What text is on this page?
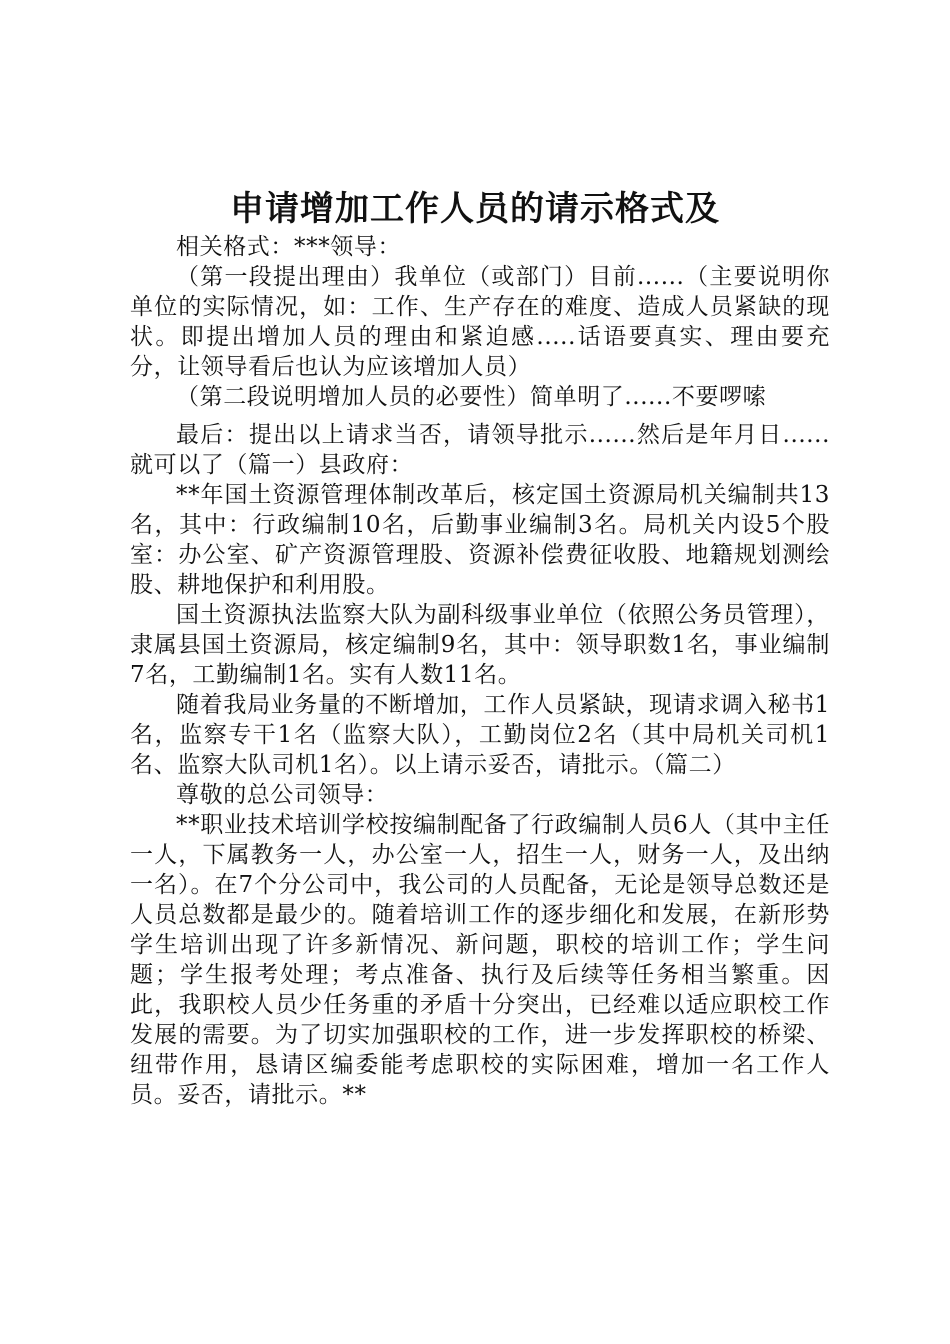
申请增加工作人员的请示格式及

相关格式：***领导：

（第一段提出理由）我单位（或部门）目前......（主要说明你单位的实际情况，如：工作、生产存在的难度、造成人员紧缺的现状。即提出增加人员的理由和紧迫感.....话语要真实、理由要充分，让领导看后也认为应该增加人员）

（第二段说明增加人员的必要性）简单明了......不要啰嗦

最后：提出以上请求当否，请领导批示......然后是年月日......就可以了（篇一）县政府：

**年国土资源管理体制改革后，核定国土资源局机关编制共13名，其中：行政编制10名，后勤事业编制3名。局机关内设5个股室：办公室、矿产资源管理股、资源补偿费征收股、地籍规划测绘股、耕地保护和利用股。

国土资源执法监察大队为副科级事业单位（依照公务员管理），隶属县国土资源局，核定编制9名，其中：领导职数1名，事业编制7名，工勤编制1名。实有人数11名。

随着我局业务量的不断增加，工作人员紧缺，现请求调入秘书1名，监察专干1名（监察大队），工勤岗位2名（其中局机关司机1名、监察大队司机1名）。以上请示妥否，请批示。（篇二）

尊敬的总公司领导：

**职业技术培训学校按编制配备了行政编制人员6人（其中主任一人，下属教务一人，办公室一人，招生一人，财务一人，及出纳一名）。在7个分公司中，我公司的人员配备，无论是领导总数还是人员总数都是最少的。随着培训工作的逐步细化和发展，在新形势学生培训出现了许多新情况、新问题，职校的培训工作；学生问题；学生报考处理；考点准备、执行及后续等任务相当繁重。因此，我职校人员少任务重的矛盾十分突出，已经难以适应职校工作发展的需要。为了切实加强职校的工作，进一步发挥职校的桥梁、纽带作用，恳请区编委能考虑职校的实际困难，增加一名工作人员。妥否，请批示。**
